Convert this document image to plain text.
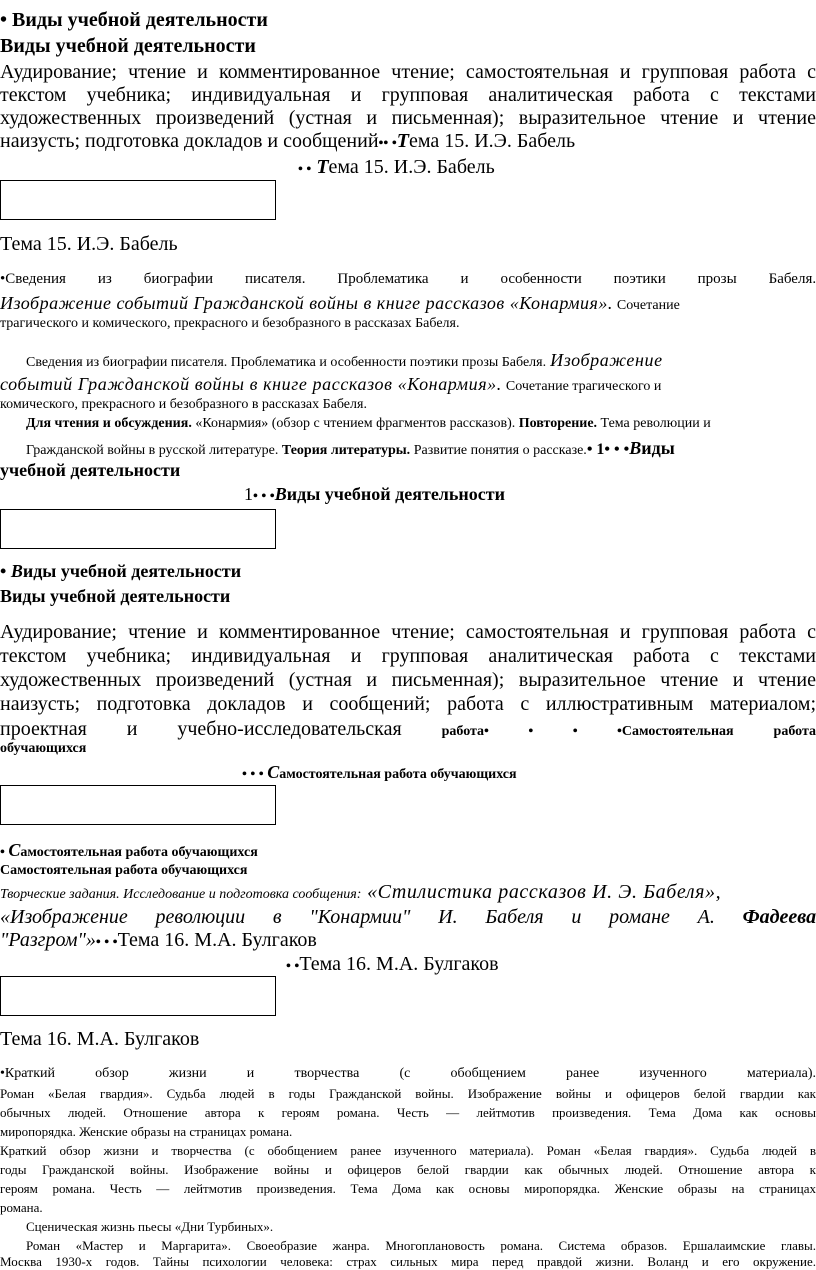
• Виды учебной деятельности
Виды учебной деятельности
Аудирование; чтение и комментированное чтение; самостоятельная и групповая работа с
текстом учебника; индивидуальная и групповая аналитическая работа с текстами
художественных произведений (устная и письменная); выразительное чтение и чтение
наизусть; подготовка докладов и сообщений•• •Тема 15. И.Э. Бабель
• • Тема 15. И.Э. Бабель
Тема 15. И.Э. Бабель
•Сведения из биографии писателя. Проблематика и особенности поэтики прозы Бабеля.
Изображение событий Гражданской войны в книге рассказов «Конармия». Сочетание
трагического и комического, прекрасного и безобразного в рассказах Бабеля.
Сведения из биографии писателя. Проблематика и особенности поэтики прозы Бабеля. Изображение
событий Гражданской войны в книге рассказов «Конармия». Сочетание трагического и
комического, прекрасного и безобразного в рассказах Бабеля.
Для чтения и обсуждения. «Конармия» (обзор с чтением фрагментов рассказов). Повторение. Тема революции и
Гражданской войны в русской литературе. Теория литературы. Развитие понятия о рассказе.• 1• • •Виды
учебной деятельности
1• • •Виды учебной деятельности
• Виды учебной деятельности
Виды учебной деятельности
Аудирование; чтение и комментированное чтение; самостоятельная и групповая работа с
текстом учебника; индивидуальная и групповая аналитическая работа с текстами
художественных произведений (устная и письменная); выразительное чтение и чтение
наизусть; подготовка докладов и сообщений; работа с иллюстративным материалом;
проектная и учебно-исследовательская	работа• • • •Самостоятельная	работа
обучающихся
• • • Самостоятельная работа обучающихся
• Самостоятельная работа обучающихся
Самостоятельная работа обучающихся
Творческие задания. Исследование и подготовка сообщения: «Стилистика рассказов И. Э. Бабеля»,
«Изображение революции в "Конармии" И. Бабеля и романе А. Фадеева
"Разгром"»• • •Тема 16. М.А. Булгаков
• •Тема 16. М.А. Булгаков
Тема 16. М.А. Булгаков
•Краткий	обзор	жизни	и	творчества	(с	обобщением	ранее	изученного	материала).
Роман «Белая гвардия». Судьба людей в годы Гражданской войны. Изображение войны и офицеров белой гвардии как
обычных людей. Отношение автора к героям романа. Честь — лейтмотив произведения. Тема Дома как основы
миропорядка. Женские образы на страницах романа.
Краткий обзор жизни и творчества (с обобщением ранее изученного материала). Роман «Белая гвардия». Судьба людей в
годы Гражданской войны. Изображение войны и офицеров белой гвардии как обычных людей. Отношение автора к
героям романа. Честь — лейтмотив произведения. Тема Дома как основы миропорядка. Женские образы на страницах
романа.
Сценическая жизнь пьесы «Дни Турбиных».
Роман «Мастер и Маргарита». Своеобразие жанра. Многоплановость романа. Система образов. Ершалаимские главы.
Москва 1930-х годов. Тайны психологии человека: страх сильных мира перед правдой жизни. Воланд и его окружение.
